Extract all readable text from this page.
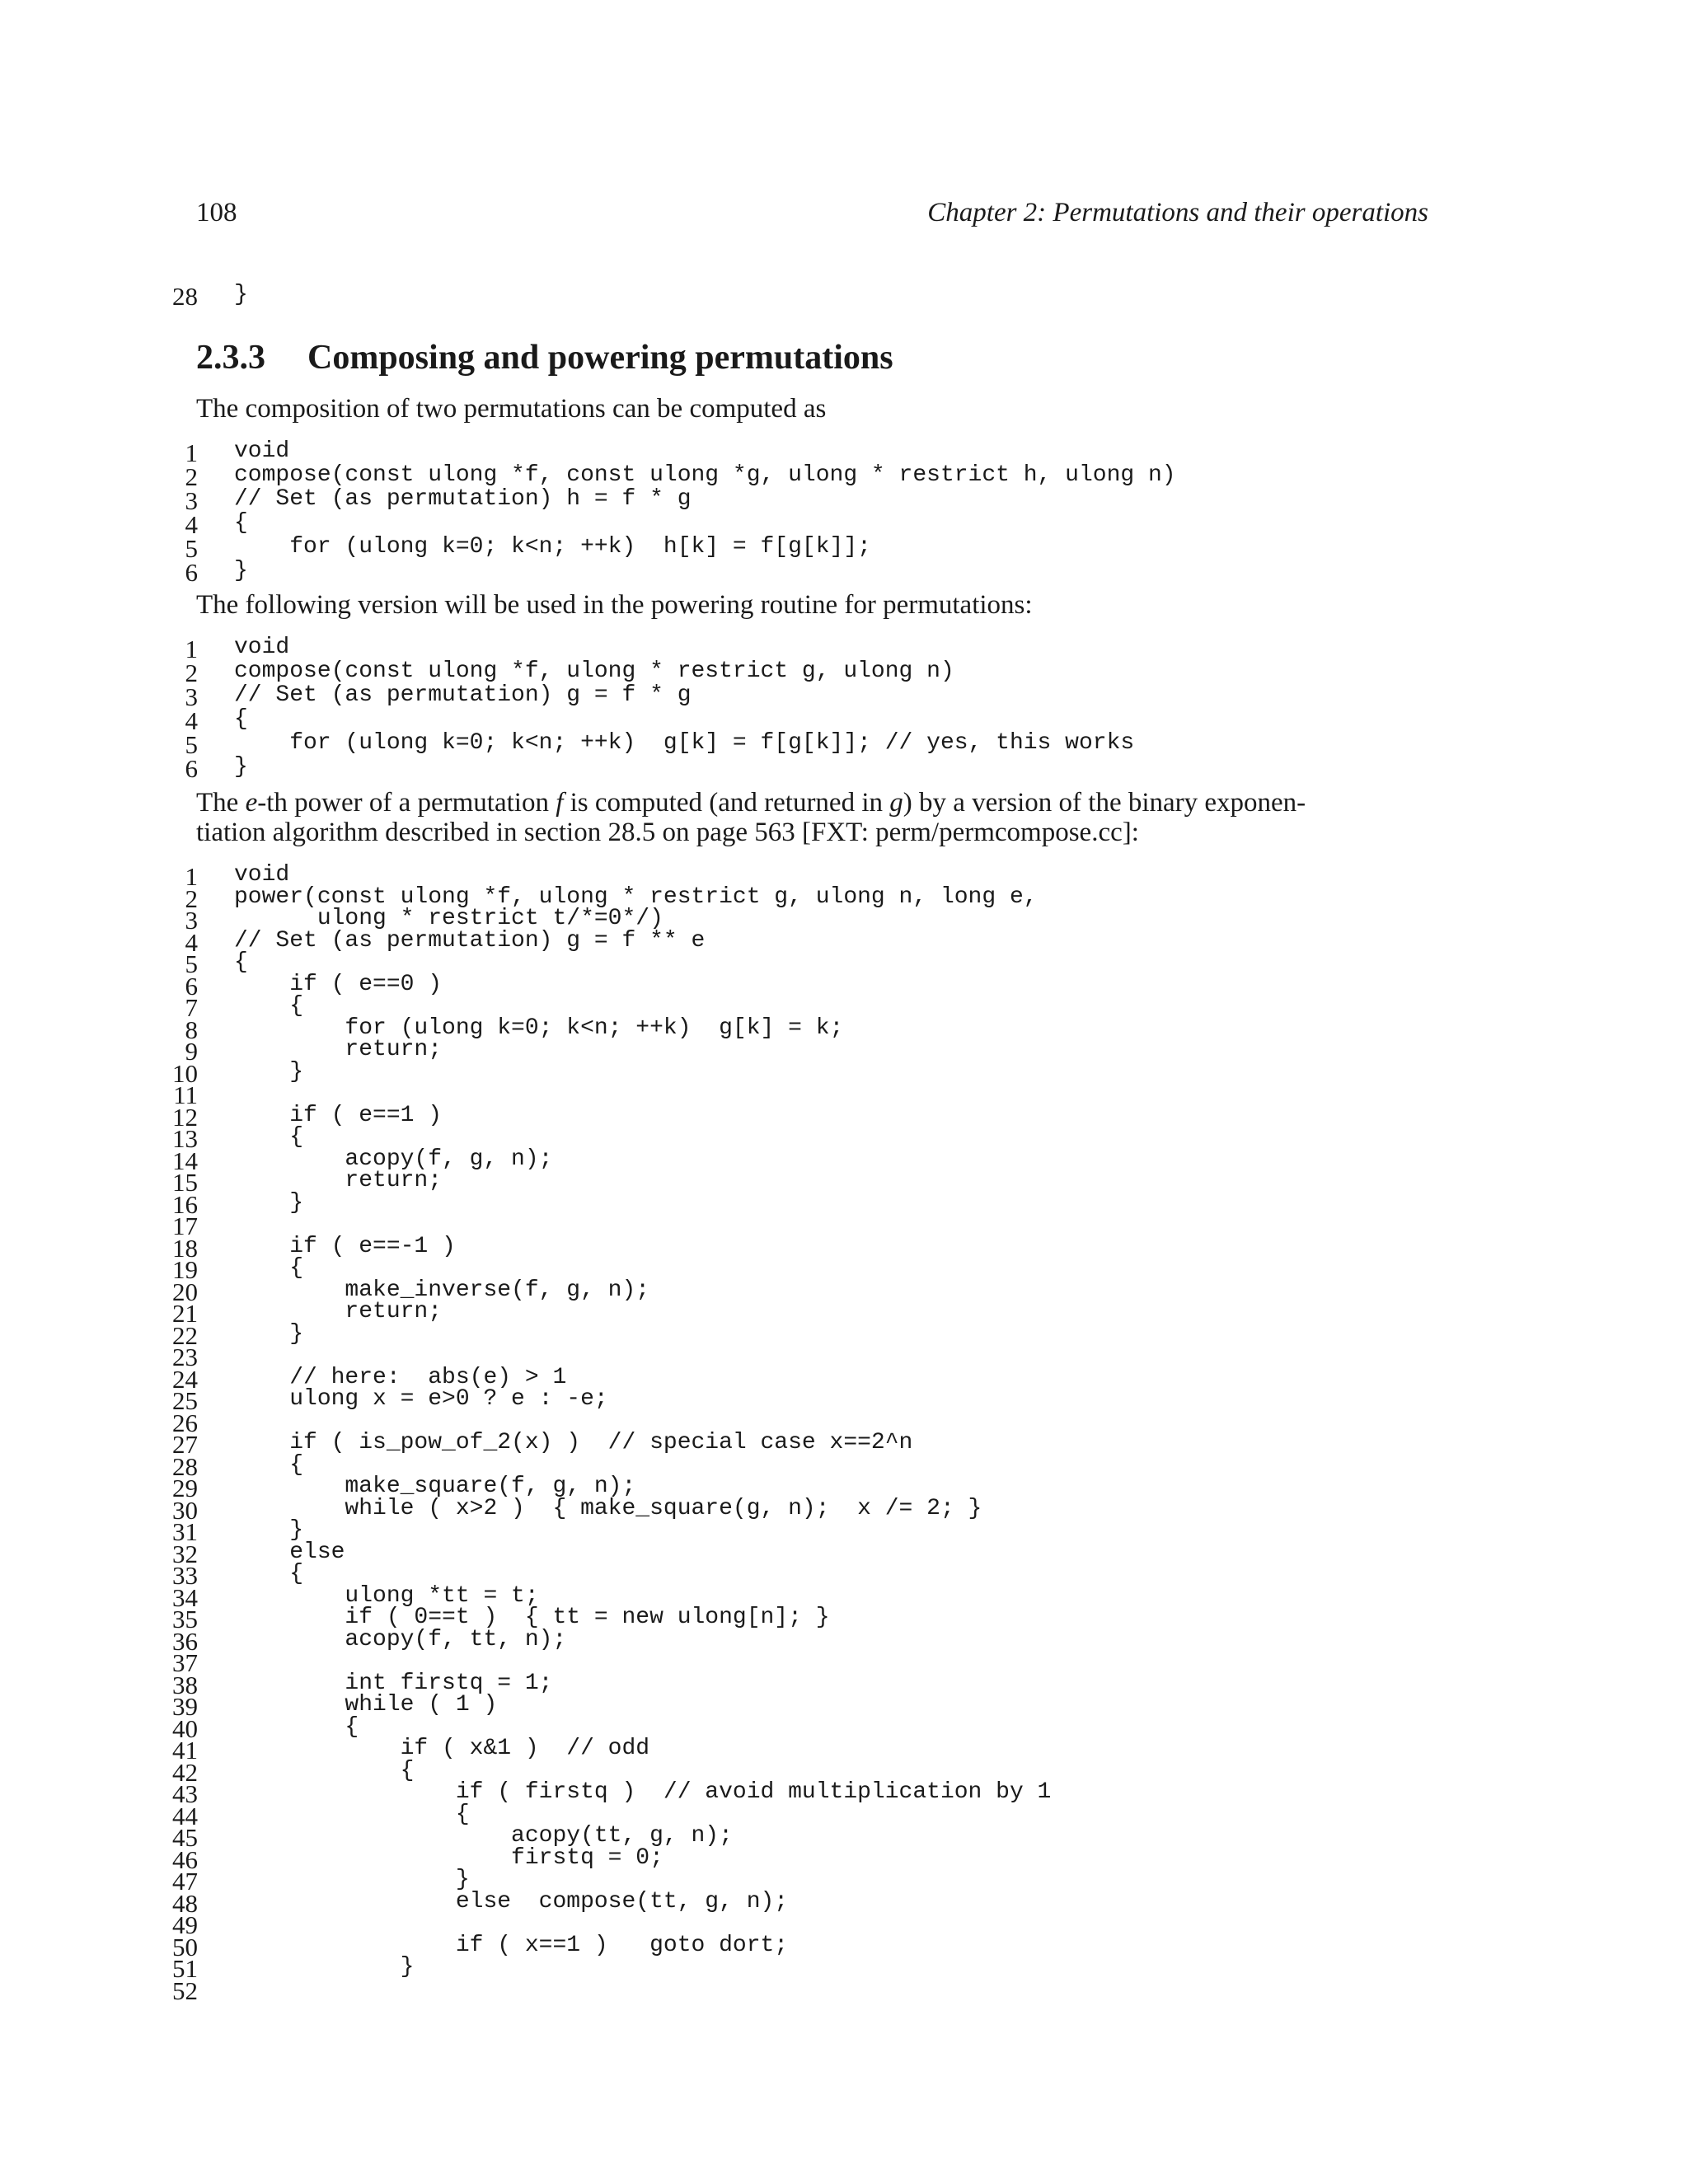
108	Chapter 2: Permutations and their operations
28 }
2.3.3 Composing and powering permutations
The composition of two permutations can be computed as
1 void
2 compose(const ulong *f, const ulong *g, ulong * restrict h, ulong n)
3 // Set (as permutation) h = f * g
4 {
5 for (ulong k=0; k<n; ++k)  h[k] = f[g[k]];
6 }
The following version will be used in the powering routine for permutations:
1 void
2 compose(const ulong *f, ulong * restrict g, ulong n)
3 // Set (as permutation) g = f * g
4 {
5 for (ulong k=0; k<n; ++k)  g[k] = f[g[k]]; // yes, this works
6 }
The e-th power of a permutation f is computed (and returned in g) by a version of the binary exponen-
tiation algorithm described in section 28.5 on page 563 [FXT: perm/permcompose.cc]:
1 void
2 power(const ulong *f, ulong * restrict g, ulong n, long e,
3 ulong * restrict t/*=0*/)
4 // Set (as permutation) g = f ** e
5 {
6 if ( e==0 )
7 {
8 for (ulong k=0; k<n; ++k)  g[k] = k;
9 return;
10 }
11
12 if ( e==1 )
13 {
14 acopy(f, g, n);
15 return;
16 }
17
18 if ( e==-1 )
19 {
20 make_inverse(f, g, n);
21 return;
22 }
23
24 // here:  abs(e) > 1
25 ulong x = e>0 ? e : -e;
26
27 if ( is_pow_of_2(x) )  // special case x==2^n
28 {
29 make_square(f, g, n);
30 while ( x>2 )  { make_square(g, n);  x /= 2; }
31 }
32 else
33 {
34 ulong *tt = t;
35 if ( 0==t )  { tt = new ulong[n]; }
36 acopy(f, tt, n);
37
38 int firstq = 1;
39 while ( 1 )
40 {
41 if ( x&1 )  // odd
42 {
43 if ( firstq )  // avoid multiplication by 1
44 {
45 acopy(tt, g, n);
46 firstq = 0;
47 }
48 else  compose(tt, g, n);
49
50 if ( x==1 )   goto dort;
51 }
52
